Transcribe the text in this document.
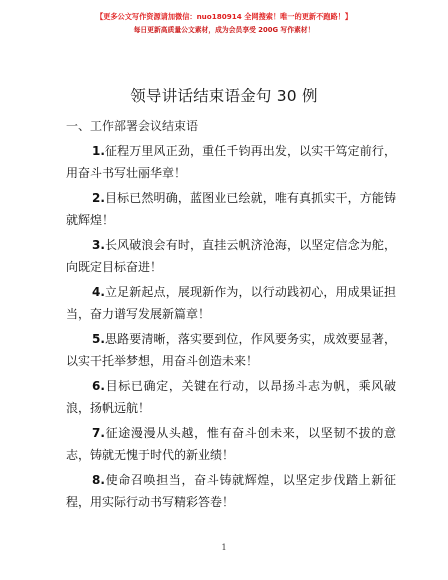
【更多公文写作资源请加微信：nuo180914 全网搜索！唯一的更新不跑路！】
每日更新高质量公文素材，成为会员享受 200G 写作素材！
领导讲话结束语金句 30 例
一、工作部署会议结束语
1.征程万里风正劲，重任千钧再出发，以实干笃定前行，
用奋斗书写壮丽华章！
2.目标已然明确，蓝图业已绘就，唯有真抓实干，方能铸
就辉煌！
3.长风破浪会有时，直挂云帆济沧海，以坚定信念为舵，
向既定目标奋进！
4.立足新起点，展现新作为，以行动践初心，用成果证担
当，奋力谱写发展新篇章！
5.思路要清晰，落实要到位，作风要务实，成效要显著，
以实干托举梦想，用奋斗创造未来！
6.目标已确定，关键在行动，以昂扬斗志为帆，乘风破
浪，扬帆远航！
7.征途漫漫从头越，惟有奋斗创未来，以坚韧不拔的意
志，铸就无愧于时代的新业绩！
8.使命召唤担当，奋斗铸就辉煌，以坚定步伐踏上新征
程，用实际行动书写精彩答卷！
1
